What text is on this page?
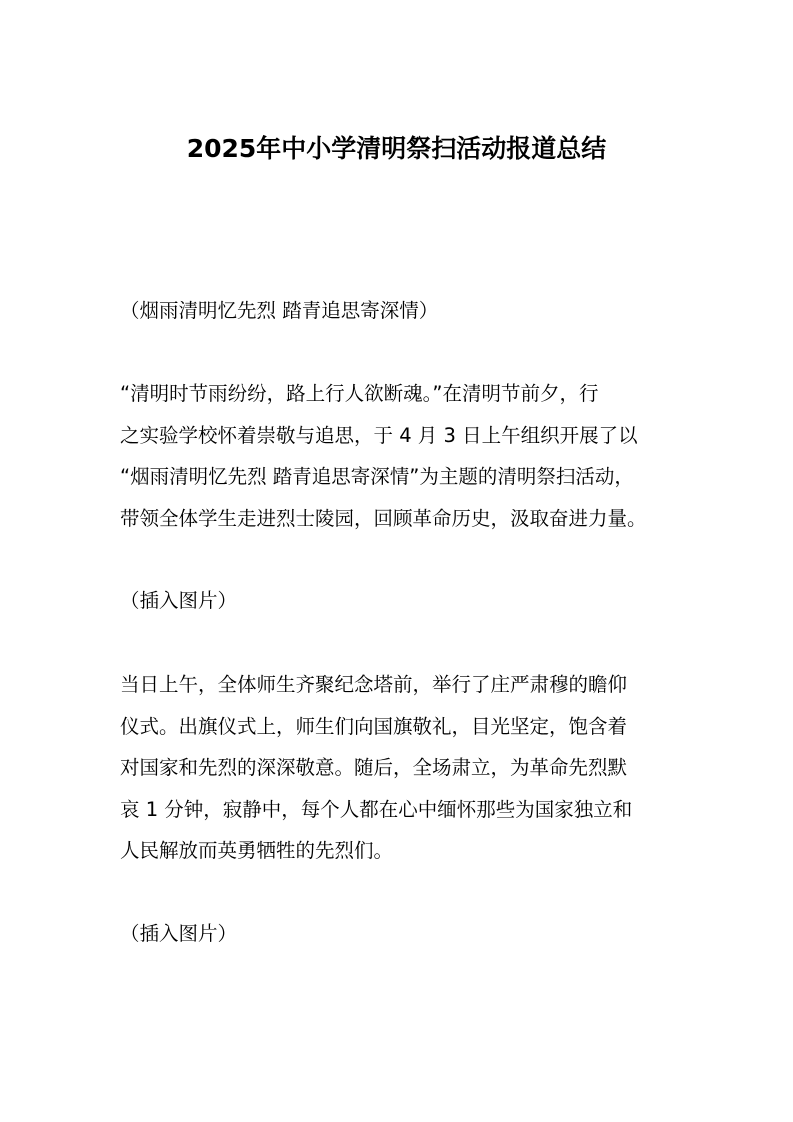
2025年中小学清明祭扫活动报道总结

（烟雨清明忆先烈 踏青追思寄深情）

“清明时节雨纷纷，路上行人欲断魂。”在清明节前夕，行
之实验学校怀着崇敬与追思，于 4 月 3 日上午组织开展了以
“烟雨清明忆先烈 踏青追思寄深情”为主题的清明祭扫活动，
带领全体学生走进烈士陵园，回顾革命历史，汲取奋进力量。

（插入图片）

当日上午，全体师生齐聚纪念塔前，举行了庄严肃穆的瞻仰
仪式。出旗仪式上，师生们向国旗敬礼，目光坚定，饱含着
对国家和先烈的深深敬意。随后，全场肃立，为革命先烈默
哀 1 分钟，寂静中，每个人都在心中缅怀那些为国家独立和
人民解放而英勇牺牲的先烈们。

（插入图片）
